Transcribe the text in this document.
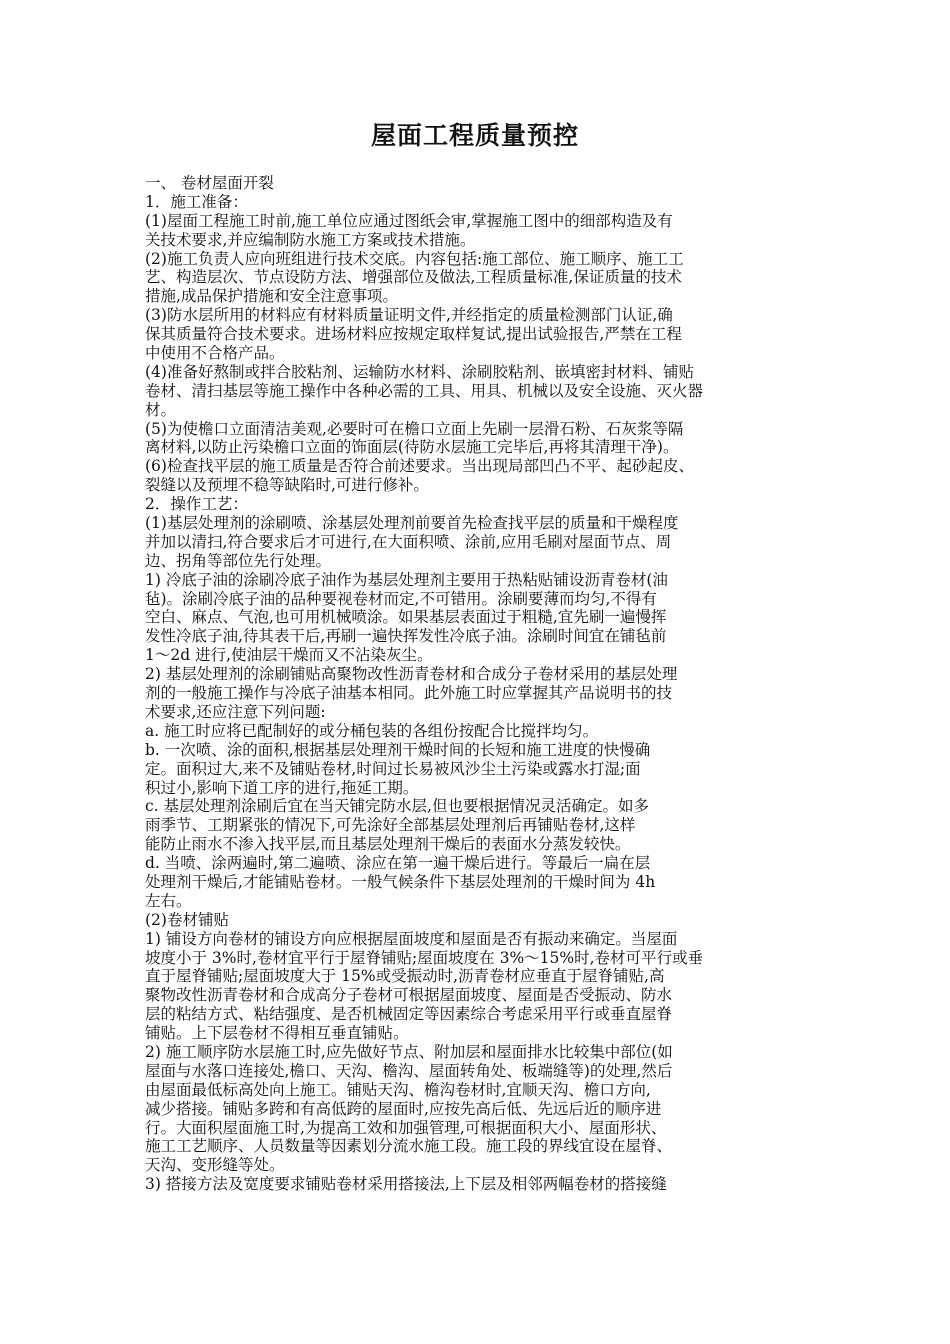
屋面工程质量预控
一、 卷材屋面开裂
1．施工准备：
(1)屋面工程施工时前,施工单位应通过图纸会审,掌握施工图中的细部构造及有
关技术要求,并应编制防水施工方案或技术措施。
(2)施工负责人应向班组进行技术交底。内容包括:施工部位、施工顺序、施工工
艺、构造层次、节点设防方法、增强部位及做法,工程质量标准,保证质量的技术
措施,成品保护措施和安全注意事项。
(3)防水层所用的材料应有材料质量证明文件,并经指定的质量检测部门认证,确
保其质量符合技术要求。进场材料应按规定取样复试,提出试验报告,严禁在工程
中使用不合格产品。
(4)准备好熬制或拌合胶粘剂、运输防水材料、涂刷胶粘剂、嵌填密封材料、铺贴
卷材、清扫基层等施工操作中各种必需的工具、用具、机械以及安全设施、灭火器
材。
(5)为使檐口立面清洁美观,必要时可在檐口立面上先刷一层滑石粉、石灰浆等隔
离材料,以防止污染檐口立面的饰面层(待防水层施工完毕后,再将其清理干净)。
(6)检查找平层的施工质量是否符合前述要求。当出现局部凹凸不平、起砂起皮、
裂缝以及预埋不稳等缺陷时,可进行修补。
2．操作工艺：
(1)基层处理剂的涂刷喷、涂基层处理剂前要首先检查找平层的质量和干燥程度
并加以清扫,符合要求后才可进行,在大面积喷、涂前,应用毛刷对屋面节点、周
边、拐角等部位先行处理。
1) 冷底子油的涂刷冷底子油作为基层处理剂主要用于热粘贴铺设沥青卷材(油
毡)。涂刷冷底子油的品种要视卷材而定,不可错用。涂刷要薄而均匀,不得有
空白、麻点、气泡,也可用机械喷涂。如果基层表面过于粗糙,宜先刷一遍慢挥
发性冷底子油,待其表干后,再刷一遍快挥发性冷底子油。涂刷时间宜在铺毡前
1～2d 进行,使油层干燥而又不沾染灰尘。
2) 基层处理剂的涂刷铺贴高聚物改性沥青卷材和合成分子卷材采用的基层处理
剂的一般施工操作与冷底子油基本相同。此外施工时应掌握其产品说明书的技
术要求,还应注意下列问题:
a. 施工时应将已配制好的或分桶包装的各组份按配合比搅拌均匀。
b. 一次喷、涂的面积,根据基层处理剂干燥时间的长短和施工进度的快慢确
定。面积过大,来不及铺贴卷材,时间过长易被风沙尘土污染或露水打湿;面
积过小,影响下道工序的进行,拖延工期。
c. 基层处理剂涂刷后宜在当天铺完防水层,但也要根据情况灵活确定。如多
雨季节、工期紧张的情况下,可先涂好全部基层处理剂后再铺贴卷材,这样
能防止雨水不渗入找平层,而且基层处理剂干燥后的表面水分蒸发较快。
d. 当喷、涂两遍时,第二遍喷、涂应在第一遍干燥后进行。等最后一扁在层
处理剂干燥后,才能铺贴卷材。一般气候条件下基层处理剂的干燥时间为 4h
左右。
(2)卷材铺贴
1) 铺设方向卷材的铺设方向应根据屋面坡度和屋面是否有振动来确定。当屋面
坡度小于 3%时,卷材宜平行于屋脊铺贴;屋面坡度在 3%～15%时,卷材可平行或垂
直于屋脊铺贴;屋面坡度大于 15%或受振动时,沥青卷材应垂直于屋脊铺贴,高
聚物改性沥青卷材和合成高分子卷材可根据屋面坡度、屋面是否受振动、防水
层的粘结方式、粘结强度、是否机械固定等因素综合考虑采用平行或垂直屋脊
铺贴。上下层卷材不得相互垂直铺贴。
2) 施工顺序防水层施工时,应先做好节点、附加层和屋面排水比较集中部位(如
屋面与水落口连接处,檐口、天沟、檐沟、屋面转角处、板端缝等)的处理,然后
由屋面最低标高处向上施工。铺贴天沟、檐沟卷材时,宜顺天沟、檐口方向,
减少搭接。铺贴多跨和有高低跨的屋面时,应按先高后低、先远后近的顺序进
行。大面积屋面施工时,为提高工效和加强管理,可根据面积大小、屋面形状、
施工工艺顺序、人员数量等因素划分流水施工段。施工段的界线宜设在屋脊、
天沟、变形缝等处。
3) 搭接方法及宽度要求铺贴卷材采用搭接法,上下层及相邻两幅卷材的搭接缝
